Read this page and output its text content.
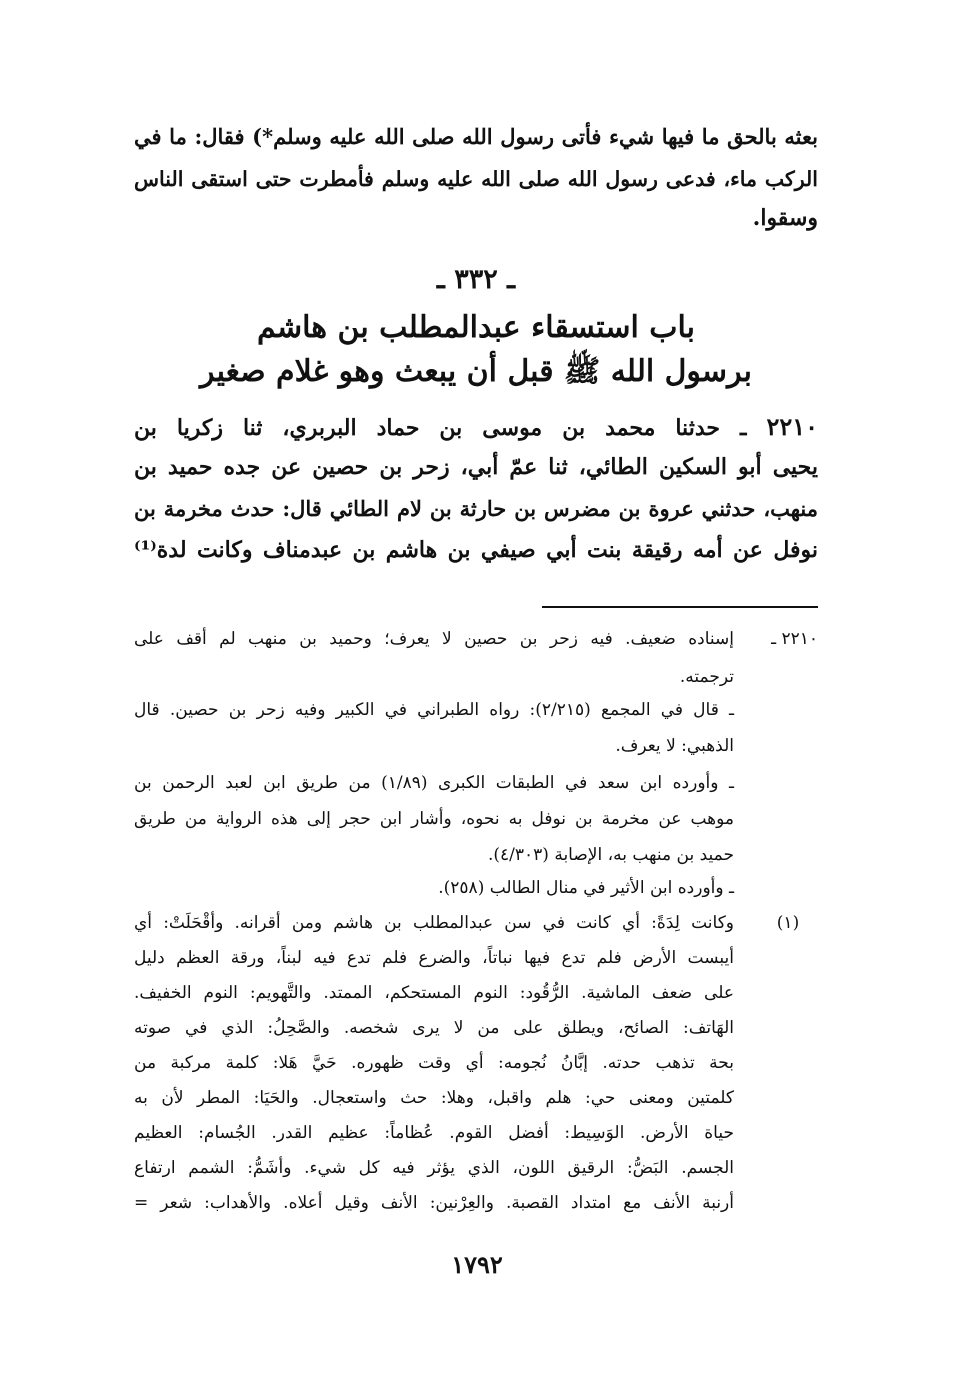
بعثه بالحق ما فيها شيء فأتى رسول الله صلى الله عليه وسلم*) فقال: ما في
الركب ماء، فدعى رسول الله صلى الله عليه وسلم فأمطرت حتى استقى الناس
وسقوا.
ـ ٣٣٢ ـ
باب استسقاء عبدالمطلب بن هاشم
برسول الله ﷺ قبل أن يبعث وهو غلام صغير
٢٢١٠ ـ حدثنا محمد بن موسى بن حماد البربري، ثنا زكريا بن
يحيى أبو السكين الطائي، ثنا عمّ أبي، زحر بن حصين عن جده حميد بن
منهب، حدثني عروة بن مضرس بن حارثة بن لام الطائي قال: حدث مخرمة بن
نوفل عن أمه رقيقة بنت أبي صيفي بن هاشم بن عبدمناف وكانت لدة⁽¹⁾
٢٢١٠ ـ
إسناده ضعيف. فيه زحر بن حصين لا يعرف؛ وحميد بن منهب لم أقف على
ترجمته.
ـ قال في المجمع (٢/٢١٥): رواه الطبراني في الكبير وفيه زحر بن حصين. قال
الذهبي: لا يعرف.
ـ وأورده ابن سعد في الطبقات الكبرى (١/٨٩) من طريق ابن لعبد الرحمن بن
موهب عن مخرمة بن نوفل به نحوه، وأشار ابن حجر إلى هذه الرواية من طريق
حميد بن منهب به، الإصابة (٤/٣٠٣).
ـ وأورده ابن الأثير في منال الطالب (٢٥٨).
(١)
وكانت لِدَةً: أي كانت في سن عبدالمطلب بن هاشم ومن أقرانه. وأقْحَلَتْ: أي
أيبست الأرض فلم تدع فيها نباتاً، والضرع فلم تدع فيه لبناً، ورقة العظم دليل
على ضعف الماشية. الرُّقُود: النوم المستحكم، الممتد. والتَّهويم: النوم الخفيف.
الهَاتف: الصائح، ويطلق على من لا يرى شخصه. والصَّحِلُ: الذي في صوته
بحة تذهب حدته. إبَّانُ نُجومه: أي وقت ظهوره. حَيَّ هَلا: كلمة مركبة من
كلمتين ومعنى حي: هلم واقبل، وهلا: حث واستعجال. والحَيَا: المطر لأن به
حياة الأرض. الوَسِيط: أفضل القوم. عُظاماً: عظيم القدر. الجُسام: العظيم
الجسم. البَضُّ: الرقيق اللون، الذي يؤثر فيه كل شيء. وأشَمُّ: الشمم ارتفاع
أرنبة الأنف مع امتداد القصبة. والعِرْنين: الأنف وقيل أعلاه. والأهداب: شعر =
١٧٩٢
